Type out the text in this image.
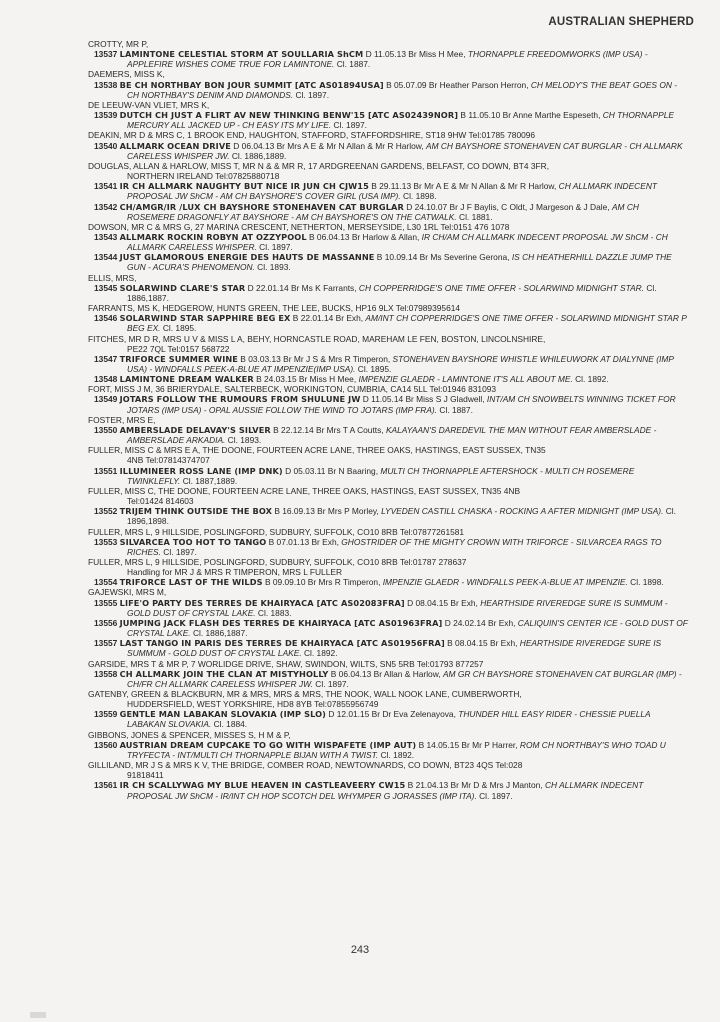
AUSTRALIAN SHEPHERD
CROTTY, MR P,
13537 LAMINTONE CELESTIAL STORM AT SOULLARIA ShCM D 11.05.13 Br Miss H Mee, THORNAPPLE FREEDOMWORKS (IMP USA) - APPLEFIRE WISHES COME TRUE FOR LAMINTONE. Cl. 1887.
DAEMERS, MISS K,
13538 BE CH NORTHBAY BON JOUR SUMMIT [ATC AS01894USA] B 05.07.09 Br Heather Parson Herron, CH MELODY'S THE BEAT GOES ON - CH NORTHBAY'S DENIM AND DIAMONDS. Cl. 1897.
DE LEEUW-VAN VLIET, MRS K,
13539 DUTCH CH JUST A FLIRT AV NEW THINKING BENW'15 [ATC AS02439NOR] B 11.05.10 Br Anne Marthe Espeseth, CH THORNAPPLE MERCURY ALL JACKED UP - CH EASY ITS MY LIFE. Cl. 1897.
DEAKIN, MR D & MRS C, 1 BROOK END, HAUGHTON, STAFFORD, STAFFORDSHIRE, ST18 9HW Tel:01785 780096
13540 ALLMARK OCEAN DRIVE D 06.04.13 Br Mrs A E & Mr N Allan & Mr R Harlow, AM CH BAYSHORE STONEHAVEN CAT BURGLAR - CH ALLMARK CARELESS WHISPER JW. Cl. 1886,1889.
DOUGLAS, ALLAN & HARLOW, MISS T, MR N & & MR R, 17 ARDGREENAN GARDENS, BELFAST, CO DOWN, BT4 3FR,
NORTHERN IRELAND Tel:07825880718
13541 IR CH ALLMARK NAUGHTY BUT NICE IR JUN CH CJW15 B 29.11.13 Br Mr A E & Mr N Allan & Mr R Harlow, CH ALLMARK INDECENT PROPOSAL JW ShCM - AM CH BAYSHORE'S COVER GIRL (USA IMP). Cl. 1898.
13542 CH/AMGR/IR /LUX CH BAYSHORE STONEHAVEN CAT BURGLAR D 24.10.07 Br J F Baylis, C Oldt, J Margeson & J Dale, AM CH ROSEMERE DRAGONFLY AT BAYSHORE - AM CH BAYSHORE'S ON THE CATWALK. Cl. 1881.
DOWSON, MR C & MRS G, 27 MARINA CRESCENT, NETHERTON, MERSEYSIDE, L30 1RL Tel:0151 476 1078
13543 ALLMARK ROCKIN ROBYN AT OZZYPOOL B 06.04.13 Br Harlow & Allan, IR CH/AM CH ALLMARK INDECENT PROPOSAL JW ShCM - CH ALLMARK CARELESS WHISPER. Cl. 1897.
13544 JUST GLAMOROUS ENERGIE DES HAUTS DE MASSANNE B 10.09.14 Br Ms Severine Gerona, IS CH HEATHERHILL DAZZLE JUMP THE GUN - ACURA'S PHENOMENON. Cl. 1893.
ELLIS, MRS,
13545 SOLARWIND CLARE'S STAR D 22.01.14 Br Ms K Farrants, CH COPPERRIDGE'S ONE TIME OFFER - SOLARWIND MIDNIGHT STAR. Cl. 1886,1887.
FARRANTS, MS K, HEDGEROW, HUNTS GREEN, THE LEE, BUCKS, HP16 9LX Tel:07989395614
13546 SOLARWIND STAR SAPPHIRE BEG EX B 22.01.14 Br Exh, AM/INT CH COPPERRIDGE'S ONE TIME OFFER - SOLARWIND MIDNIGHT STAR P BEG EX. Cl. 1895.
FITCHES, MR D R, MRS U V & MISS L A, BEHY, HORNCASTLE ROAD, MAREHAM LE FEN, BOSTON, LINCOLNSHIRE,
PE22 7QL Tel:0157 568722
13547 TRIFORCE SUMMER WINE B 03.03.13 Br Mr J S & Mrs R Timperon, STONEHAVEN BAYSHORE WHISTLE WHILEUWORK AT DIALYNNE (IMP USA) - WINDFALLS PEEK-A-BLUE AT IMPENZIE(IMP USA). Cl. 1895.
13548 LAMINTONE DREAM WALKER B 24.03.15 Br Miss H Mee, IMPENZIE GLAEDR - LAMINTONE IT'S ALL ABOUT ME. Cl. 1892.
FORT, MISS J M, 36 BRIERYDALE, SALTERBECK, WORKINGTON, CUMBRIA, CA14 5LL Tel:01946 831093
13549 JOTARS FOLLOW THE RUMOURS FROM SHULUNE JW D 11.05.14 Br Miss S J Gladwell, INT/AM CH SNOWBELTS WINNING TICKET FOR JOTARS (IMP USA) - OPAL AUSSIE FOLLOW THE WIND TO JOTARS (IMP FRA). Cl. 1887.
FOSTER, MRS E,
13550 AMBERSLADE DELAVAY'S SILVER B 22.12.14 Br Mrs T A Coutts, KALAYAAN'S DAREDEVIL THE MAN WITHOUT FEAR AMBERSLADE - AMBERSLADE ARKADIA. Cl. 1893.
FULLER, MISS C & MRS E A, THE DOONE, FOURTEEN ACRE LANE, THREE OAKS, HASTINGS, EAST SUSSEX, TN35
4NB Tel:07814374707
13551 ILLUMINEER ROSS LANE (IMP DNK) D 05.03.11 Br N Baaring, MULTI CH THORNAPPLE AFTERSHOCK - MULTI CH ROSEMERE TWINKLEFLY. Cl. 1887,1889.
FULLER, MISS C, THE DOONE, FOURTEEN ACRE LANE, THREE OAKS, HASTINGS, EAST SUSSEX, TN35 4NB
Tel:01424 814603
13552 TRIJEM THINK OUTSIDE THE BOX B 16.09.13 Br Mrs P Morley, LYVEDEN CASTILL CHASKA - ROCKING A AFTER MIDNIGHT (IMP USA). Cl. 1896,1898.
FULLER, MRS L, 9 HILLSIDE, POSLINGFORD, SUDBURY, SUFFOLK, CO10 8RB Tel:07877261581
13553 SILVARCEA TOO HOT TO TANGO B 07.01.13 Br Exh, GHOSTRIDER OF THE MIGHTY CROWN WITH TRIFORCE - SILVARCEA RAGS TO RICHES. Cl. 1897.
FULLER, MRS L, 9 HILLSIDE, POSLINGFORD, SUDBURY, SUFFOLK, CO10 8RB Tel:01787 278637
Handling for MR J & MRS R TIMPERON, MRS L FULLER
13554 TRIFORCE LAST OF THE WILDS B 09.09.10 Br Mrs R Timperon, IMPENZIE GLAEDR - WINDFALLS PEEK-A-BLUE AT IMPENZIE. Cl. 1898.
GAJEWSKI, MRS M,
13555 LIFE'O PARTY DES TERRES DE KHAIRYACA [ATC AS02083FRA] D 08.04.15 Br Exh, HEARTHSIDE RIVEREDGE SURE IS SUMMUM - GOLD DUST OF CRYSTAL LAKE. Cl. 1883.
13556 JUMPING JACK FLASH DES TERRES DE KHAIRYACA [ATC AS01963FRA] D 24.02.14 Br Exh, CALIQUIN'S CENTER ICE - GOLD DUST OF CRYSTAL LAKE. Cl. 1886,1887.
13557 LAST TANGO IN PARIS DES TERRES DE KHAIRYACA [ATC AS01956FRA] B 08.04.15 Br Exh, HEARTHSIDE RIVEREDGE SURE IS SUMMUM - GOLD DUST OF CRYSTAL LAKE. Cl. 1892.
GARSIDE, MRS T & MR P, 7 WORLIDGE DRIVE, SHAW, SWINDON, WILTS, SN5 5RB Tel:01793 877257
13558 CH ALLMARK JOIN THE CLAN AT MISTYHOLLY B 06.04.13 Br Allan & Harlow, AM GR CH BAYSHORE STONEHAVEN CAT BURGLAR (IMP) - CH/FR CH ALLMARK CARELESS WHISPER JW. Cl. 1897.
GATENBY, GREEN & BLACKBURN, MR & MRS, MRS & MRS, THE NOOK, WALL NOOK LANE, CUMBERWORTH,
HUDDERSFIELD, WEST YORKSHIRE, HD8 8YB Tel:07855956749
13559 GENTLE MAN LABAKAN SLOVAKIA (IMP SLO) D 12.01.15 Br Dr Eva Zelenayova, THUNDER HILL EASY RIDER - CHESSIE PUELLA LABAKAN SLOVAKIA. Cl. 1884.
GIBBONS, JONES & SPENCER, MISSES S, H M & P,
13560 AUSTRIAN DREAM CUPCAKE TO GO WITH WISPAFETE (IMP AUT) B 14.05.15 Br Mr P Harrer, ROM CH NORTHBAY'S WHO TOAD U TRYFECTA - INT/MULTI CH THORNAPPLE BIJAN WITH A TWIST. Cl. 1892.
GILLILAND, MR J S & MRS K V, THE BRIDGE, COMBER ROAD, NEWTOWNARDS, CO DOWN, BT23 4QS Tel:028
91818411
13561 IR CH SCALLYWAG MY BLUE HEAVEN IN CASTLEAVEERY CW15 B 21.04.13 Br Mr D & Mrs J Manton, CH ALLMARK INDECENT PROPOSAL JW ShCM - IR/INT CH HOP SCOTCH DEL WHYMPER G JORASSES (IMP ITA). Cl. 1897.
243
